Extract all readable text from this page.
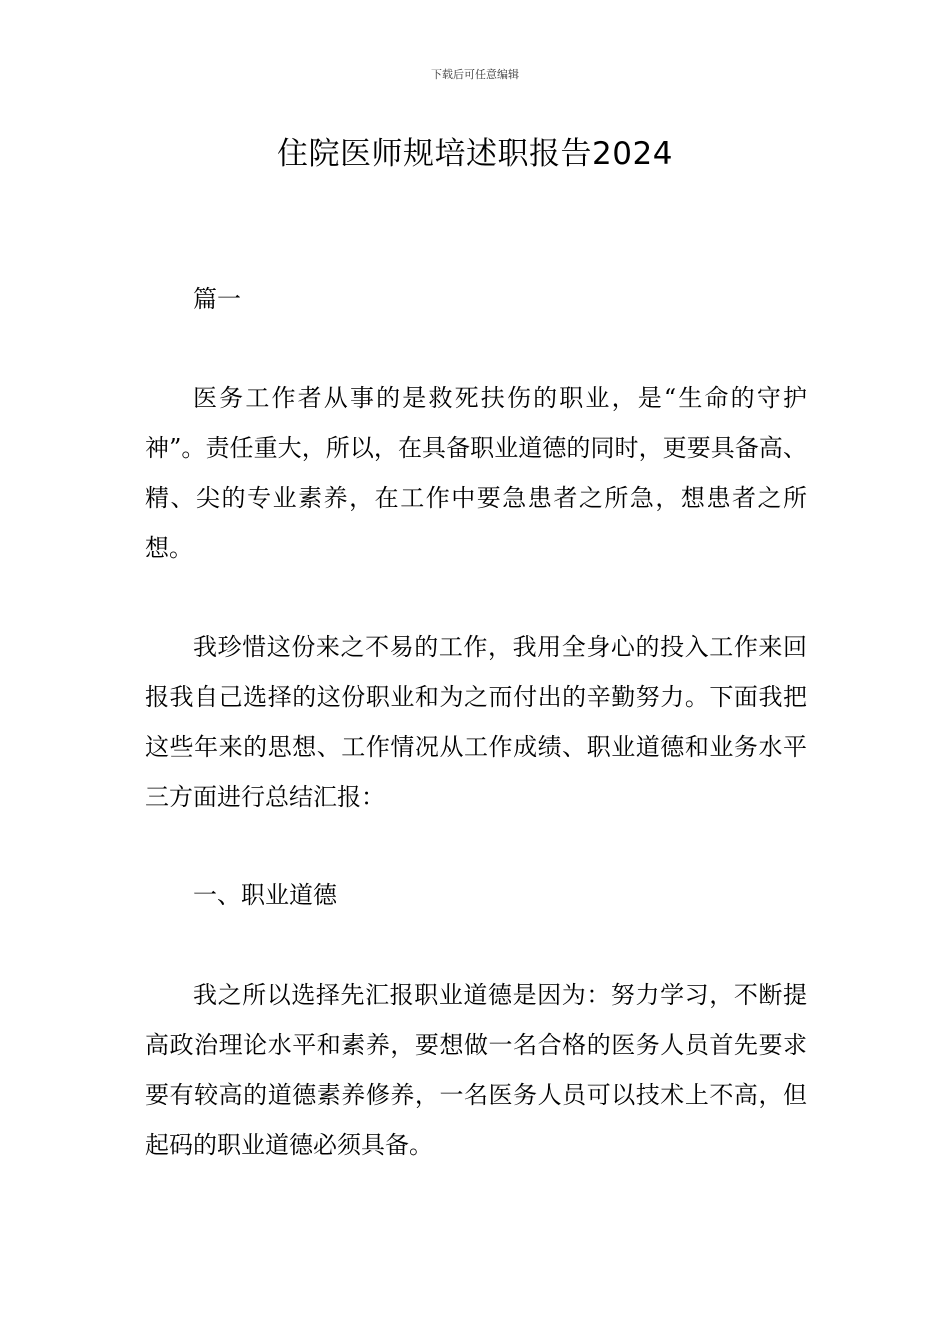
下载后可任意编辑
住院医师规培述职报告2024

篇一

医务工作者从事的是救死扶伤的职业，是“生命的守护神”。责任重大，所以，在具备职业道德的同时，更要具备高、精、尖的专业素养，在工作中要急患者之所急，想患者之所想。

我珍惜这份来之不易的工作，我用全身心的投入工作来回报我自己选择的这份职业和为之而付出的辛勤努力。下面我把这些年来的思想、工作情况从工作成绩、职业道德和业务水平三方面进行总结汇报：

一、职业道德

我之所以选择先汇报职业道德是因为：努力学习，不断提高政治理论水平和素养，要想做一名合格的医务人员首先要求要有较高的道德素养修养，一名医务人员可以技术上不高，但起码的职业道德必须具备。
